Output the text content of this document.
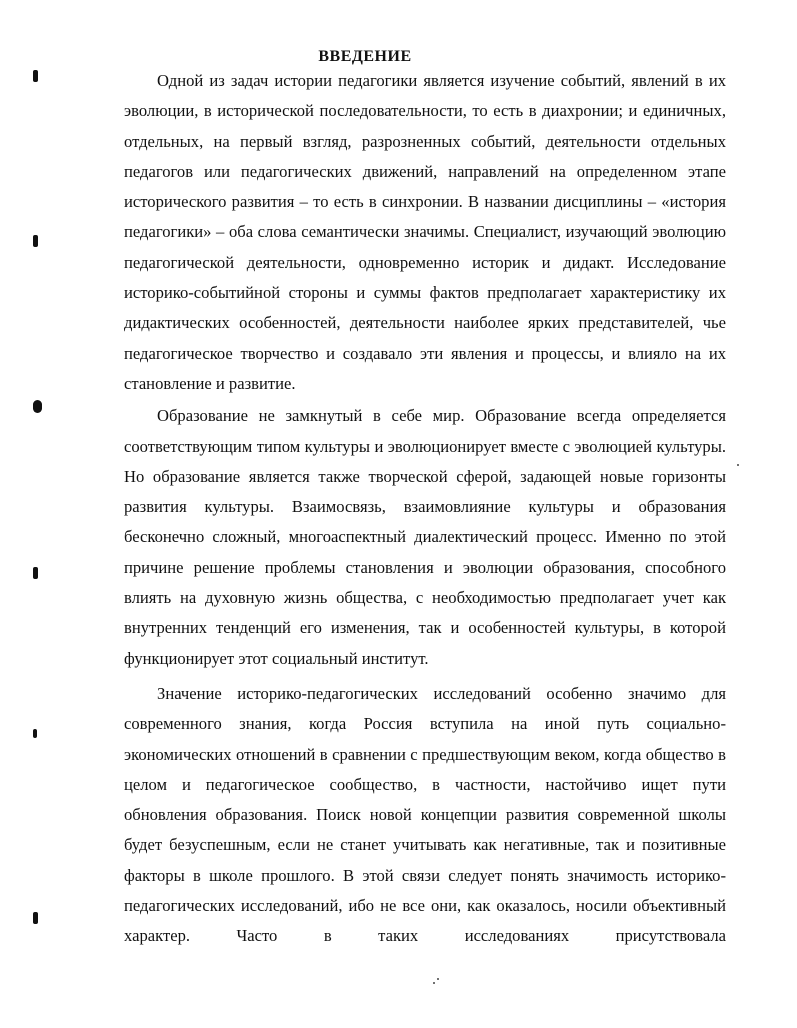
ВВЕДЕНИЕ

Одной из задач истории педагогики является изучение событий, явлений в их эволюции, в исторической последовательности, то есть в диахронии; и единичных, отдельных, на первый взгляд, разрозненных событий, деятельности отдельных педагогов или педагогических движений, направлений на определенном этапе исторического развития – то есть в синхронии. В названии дисциплины – «история педагогики» – оба слова семантически значимы. Специалист, изучающий эволюцию педагогической деятельности, одновременно историк и дидакт. Исследование историко-событийной стороны и суммы фактов предполагает характеристику их дидактических особенностей, деятельности наиболее ярких представителей, чье педагогическое творчество и создавало эти явления и процессы, и влияло на их становление и развитие.

Образование не замкнутый в себе мир. Образование всегда определяется соответствующим типом культуры и эволюционирует вместе с эволюцией культуры. Но образование является также творческой сферой, задающей новые горизонты развития культуры. Взаимосвязь, взаимовлияние культуры и образования бесконечно сложный, многоаспектный диалектический процесс. Именно по этой причине решение проблемы становления и эволюции образования, способного влиять на духовную жизнь общества, с необходимостью предполагает учет как внутренних тенденций его изменения, так и особенностей культуры, в которой функционирует этот социальный институт.

Значение историко-педагогических исследований особенно значимо для современного знания, когда Россия вступила на иной путь социально-экономических отношений в сравнении с предшествующим веком, когда общество в целом и педагогическое сообщество, в частности, настойчиво ищет пути обновления образования. Поиск новой концепции развития современной школы будет безуспешным, если не станет учитывать как негативные, так и позитивные факторы в школе прошлого. В этой связи следует понять значимость историко-педагогических исследований, ибо не все они, как оказалось, носили объективный характер. Часто в таких исследованиях присутствовала
